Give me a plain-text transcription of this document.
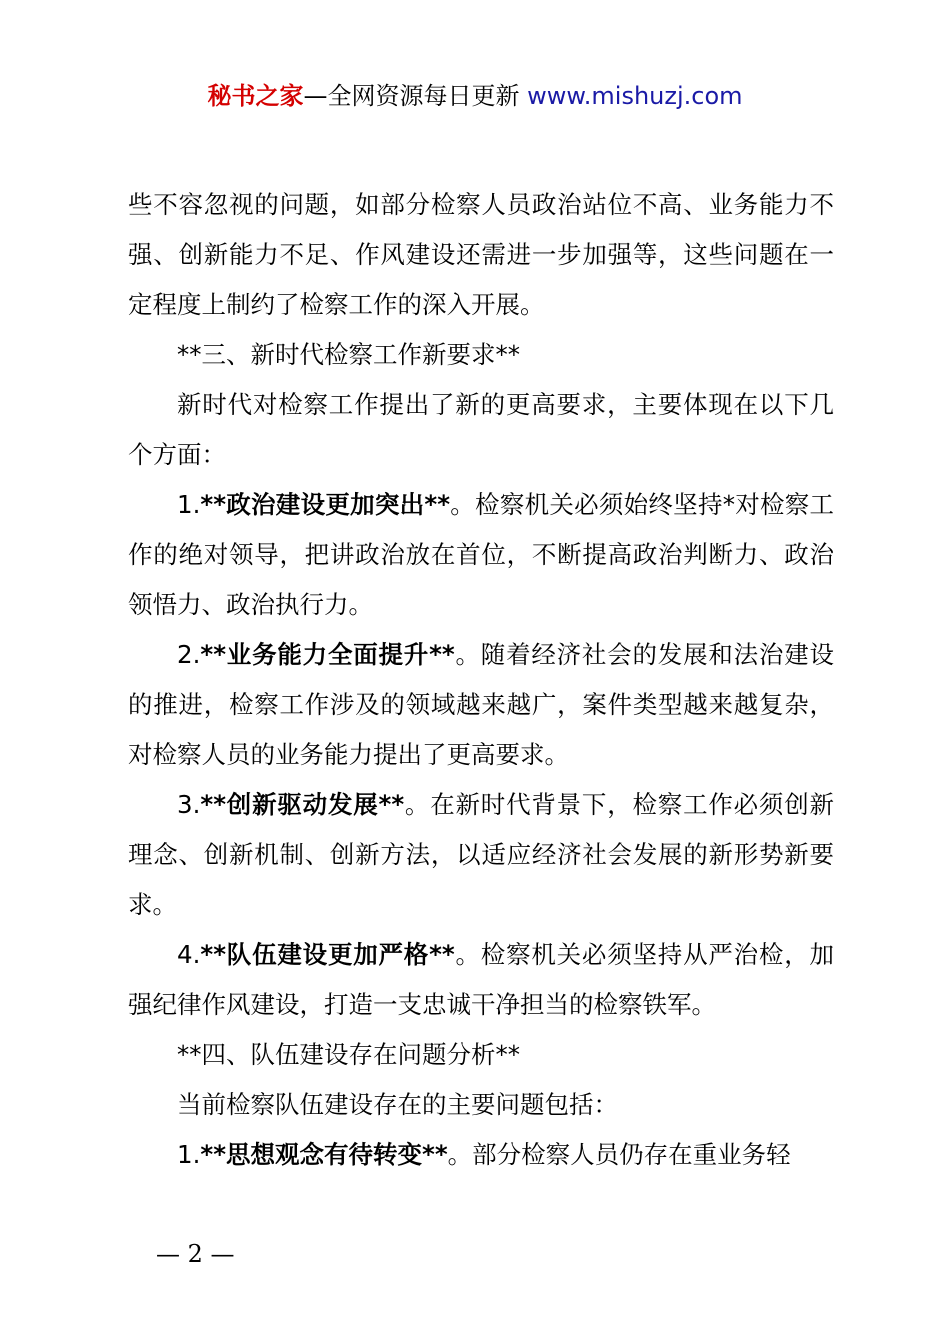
秘书之家—全网资源每日更新 www.mishuzj.com

些不容忽视的问题，如部分检察人员政治站位不高、业务能力不强、创新能力不足、作风建设还需进一步加强等，这些问题在一定程度上制约了检察工作的深入开展。

**三、新时代检察工作新要求**

新时代对检察工作提出了新的更高要求，主要体现在以下几个方面：

1.**政治建设更加突出**。检察机关必须始终坚持*对检察工作的绝对领导，把讲政治放在首位，不断提高政治判断力、政治领悟力、政治执行力。

2.**业务能力全面提升**。随着经济社会的发展和法治建设的推进，检察工作涉及的领域越来越广，案件类型越来越复杂，对检察人员的业务能力提出了更高要求。

3.**创新驱动发展**。在新时代背景下，检察工作必须创新理念、创新机制、创新方法，以适应经济社会发展的新形势新要求。

4.**队伍建设更加严格**。检察机关必须坚持从严治检，加强纪律作风建设，打造一支忠诚干净担当的检察铁军。

**四、队伍建设存在问题分析**

当前检察队伍建设存在的主要问题包括：

1.**思想观念有待转变**。部分检察人员仍存在重业务轻

— 2 —
